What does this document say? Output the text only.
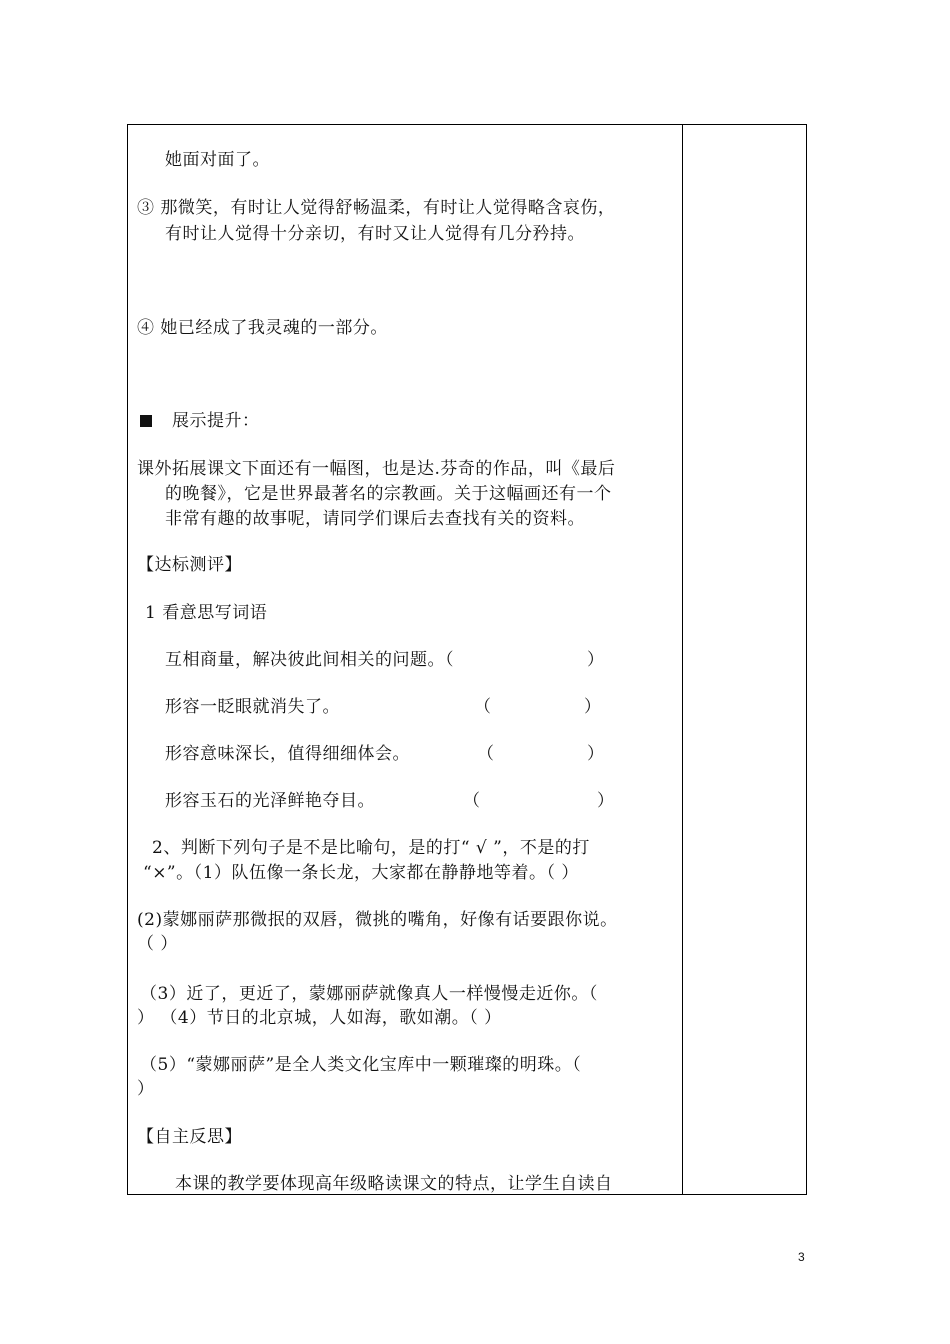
她面对面了。
③ 那微笑，有时让人觉得舒畅温柔，有时让人觉得略含哀伤，
有时让人觉得十分亲切，有时又让人觉得有几分矜持。
④ 她已经成了我灵魂的一部分。
展示提升：
课外拓展课文下面还有一幅图，也是达.芬奇的作品，叫《最后
的晚餐》，它是世界最著名的宗教画。关于这幅画还有一个
非常有趣的故事呢，请同学们课后去查找有关的资料。
【达标测评】
1 看意思写词语
互相商量，解决彼此间相关的问题。（	）
形容一眨眼就消失了。	（	）
形容意味深长，值得细细体会。	（	）
形容玉石的光泽鲜艳夺目。	（	）
2、判断下列句子是不是比喻句，是的打“ √ ”，不是的打
“×”。（1）队伍像一条长龙，大家都在静静地等着。（ ）
(2)蒙娜丽萨那微抿的双唇，微挑的嘴角，好像有话要跟你说。
（ ）
（3）近了，更近了，蒙娜丽萨就像真人一样慢慢走近你。（
） （4）节日的北京城，人如海，歌如潮。（ ）
（5）“蒙娜丽萨”是全人类文化宝库中一颗璀璨的明珠。（
）
【自主反思】
本课的教学要体现高年级略读课文的特点，让学生自读自
3
